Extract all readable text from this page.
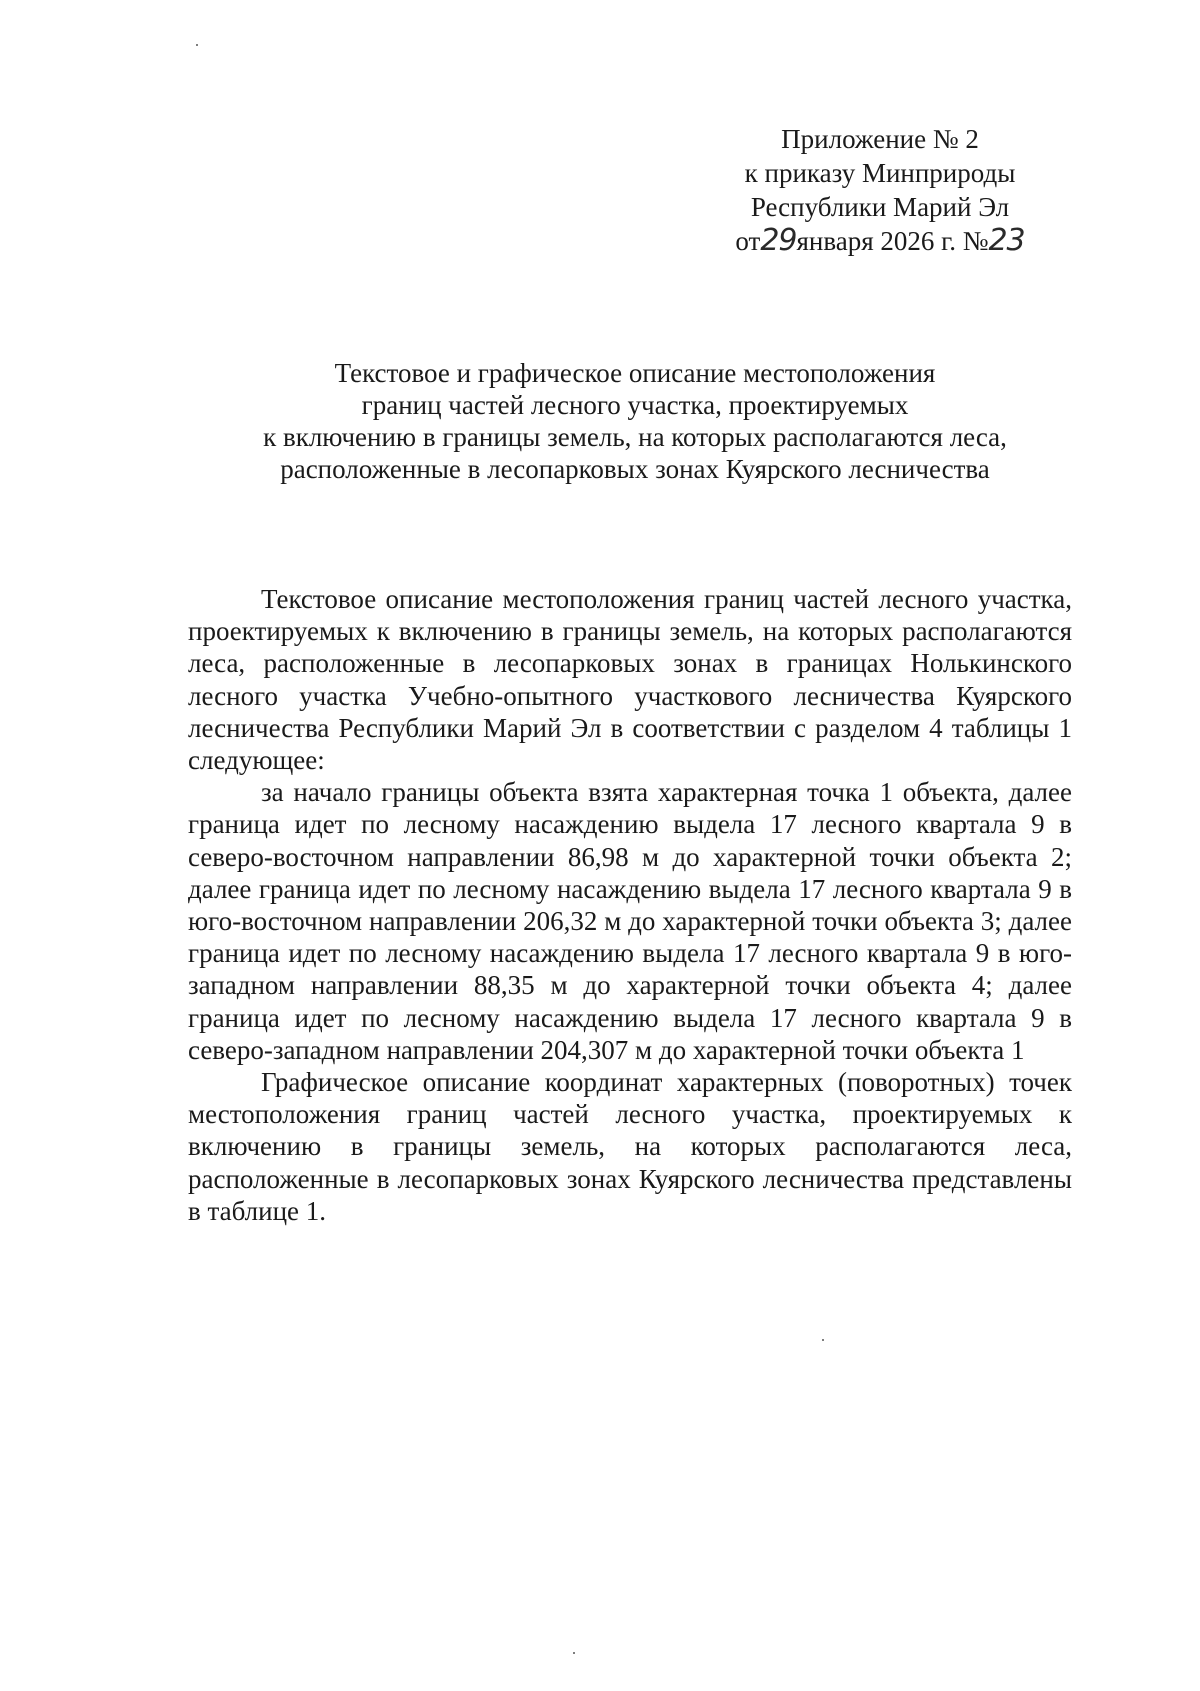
Приложение № 2
к приказу Минприроды
Республики Марий Эл
от29января 2026 г. №23
Текстовое и графическое описание местоположения
границ частей лесного участка, проектируемых
к включению в границы земель, на которых располагаются леса,
расположенные в лесопарковых зонах Куярского лесничества

Текстовое описание местоположения границ частей лесного участка, проектируемых к включению в границы земель, на которых располагаются леса, расположенные в лесопарковых зонах в границах Нолькинского лесного участка Учебно-опытного участкового лесничества Куярского лесничества Республики Марий Эл в соответствии с разделом 4 таблицы 1 следующее:

за начало границы объекта взята характерная точка 1 объекта, далее граница идет по лесному насаждению выдела 17 лесного квартала 9 в северо-восточном направлении 86,98 м до характерной точки объекта 2; далее граница идет по лесному насаждению выдела 17 лесного квартала 9 в юго-восточном направлении 206,32 м до характерной точки объекта 3; далее граница идет по лесному насаждению выдела 17 лесного квартала 9 в юго-западном направлении 88,35 м до характерной точки объекта 4; далее граница идет по лесному насаждению выдела 17 лесного квартала 9 в северо-западном направлении 204,307 м до характерной точки объекта 1

Графическое описание координат характерных (поворотных) точек местоположения границ частей лесного участка, проектируемых к включению в границы земель, на которых располагаются леса, расположенные в лесопарковых зонах Куярского лесничества представлены в таблице 1.
